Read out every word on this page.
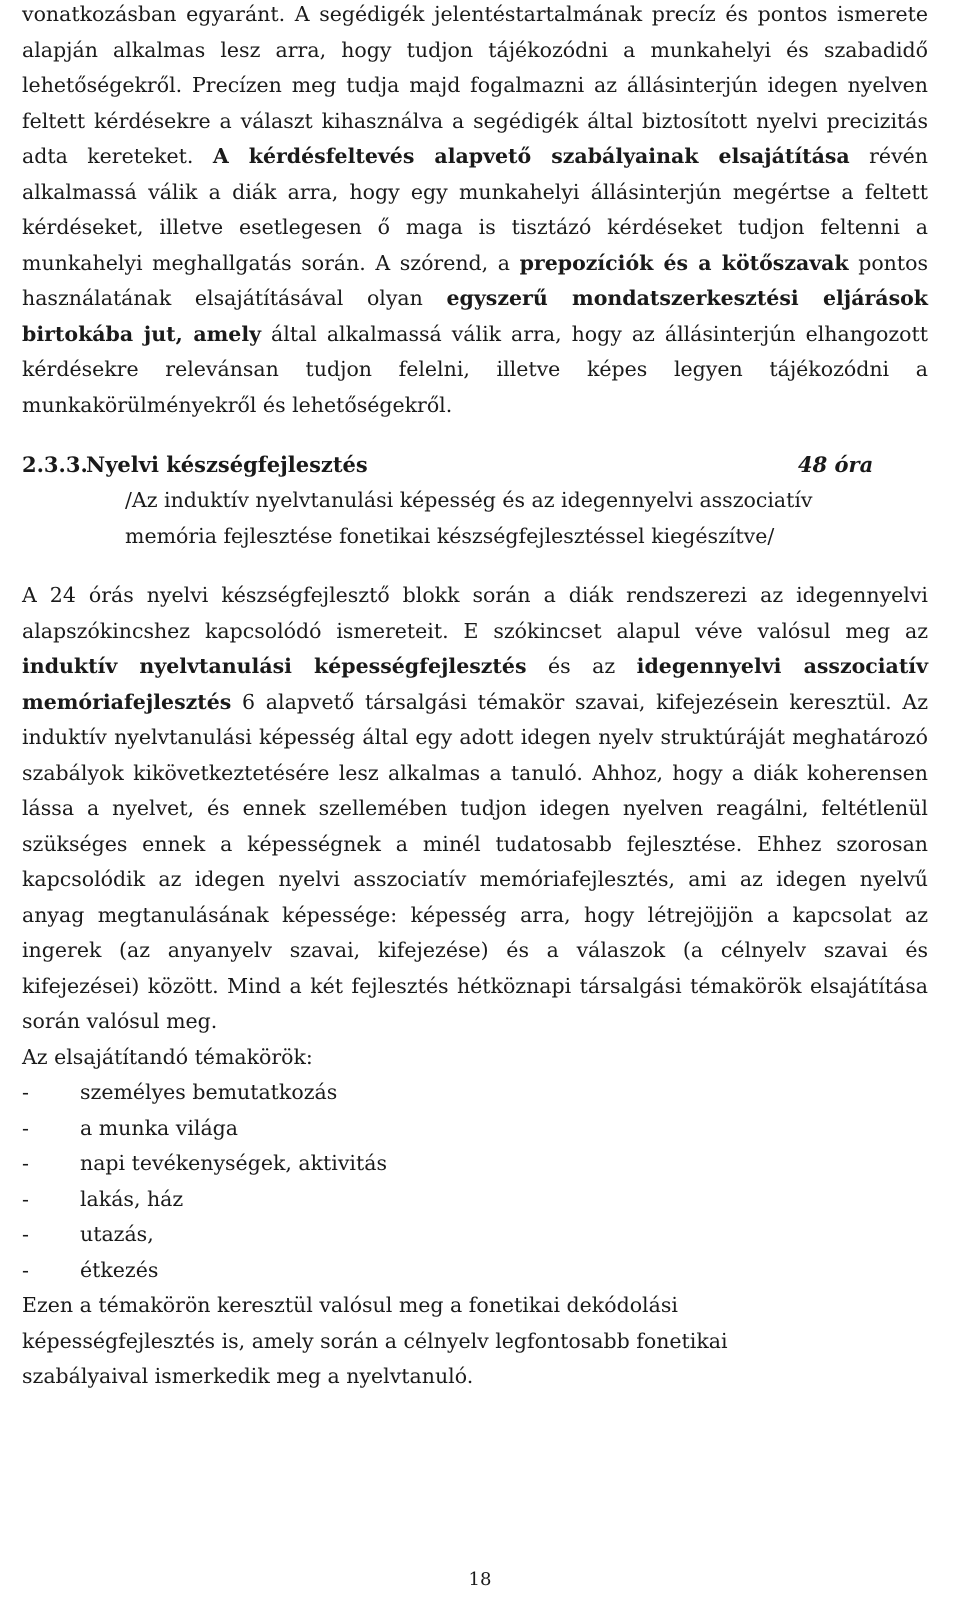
vonatkozásban egyaránt. A segédigék jelentéstartalmának precíz és pontos ismerete alapján alkalmas lesz arra, hogy tudjon tájékozódni a munkahelyi és szabadidő lehetőségekről. Precízen meg tudja majd fogalmazni az állásinterjún idegen nyelven feltett kérdésekre a választ kihasználva a segédigék által biztosított nyelvi precizitás adta kereteket. A kérdésfeltevés alapvető szabályainak elsajátítása révén alkalmassá válik a diák arra, hogy egy munkahelyi állásinterjún megértse a feltett kérdéseket, illetve esetlegesen ő maga is tisztázó kérdéseket tudjon feltenni a munkahelyi meghallgatás során. A szórend, a prepozíciók és a kötőszavak pontos használatának elsajátításával olyan egyszerű mondatszerkesztési eljárások birtokába jut, amely által alkalmassá válik arra, hogy az állásinterjún elhangozott kérdésekre relevánsan tudjon felelni, illetve képes legyen tájékozódni a munkakörülményekről és lehetőségekről.

2.3.3.
Nyelvi készségfejlesztés	48 óra

/Az induktív nyelvtanulási képesség és az idegennyelvi asszociatív
memória fejlesztése fonetikai készségfejlesztéssel kiegészítve/

A 24 órás nyelvi készségfejlesztő blokk során a diák rendszerezi az idegennyelvi alapszókincshez kapcsolódó ismereteit. E szókincset alapul véve valósul meg az induktív nyelvtanulási képességfejlesztés és az idegennyelvi asszociatív memóriafejlesztés 6 alapvető társalgási témakör szavai, kifejezésein keresztül. Az induktív nyelvtanulási képesség által egy adott idegen nyelv struktúráját meghatározó szabályok kikövetkeztetésére lesz alkalmas a tanuló. Ahhoz, hogy a diák koherensen lássa a nyelvet, és ennek szellemében tudjon idegen nyelven reagálni, feltétlenül szükséges ennek a képességnek a minél tudatosabb fejlesztése. Ehhez szorosan kapcsolódik az idegen nyelvi asszociatív memóriafejlesztés, ami az idegen nyelvű anyag megtanulásának képessége: képesség arra, hogy létrejöjjön a kapcsolat az ingerek (az anyanyelv szavai, kifejezése) és a válaszok (a célnyelv szavai és kifejezései) között. Mind a két fejlesztés hétköznapi társalgási témakörök elsajátítása során valósul meg.

Az elsajátítandó témakörök:

- személyes bemutatkozás
- a munka világa
- napi tevékenységek, aktivitás
- lakás, ház
- utazás,
- étkezés

Ezen a témakörön keresztül valósul meg a fonetikai dekódolási
képességfejlesztés is, amely során a célnyelv legfontosabb fonetikai
szabályaival ismerkedik meg a nyelvtanuló.

18
